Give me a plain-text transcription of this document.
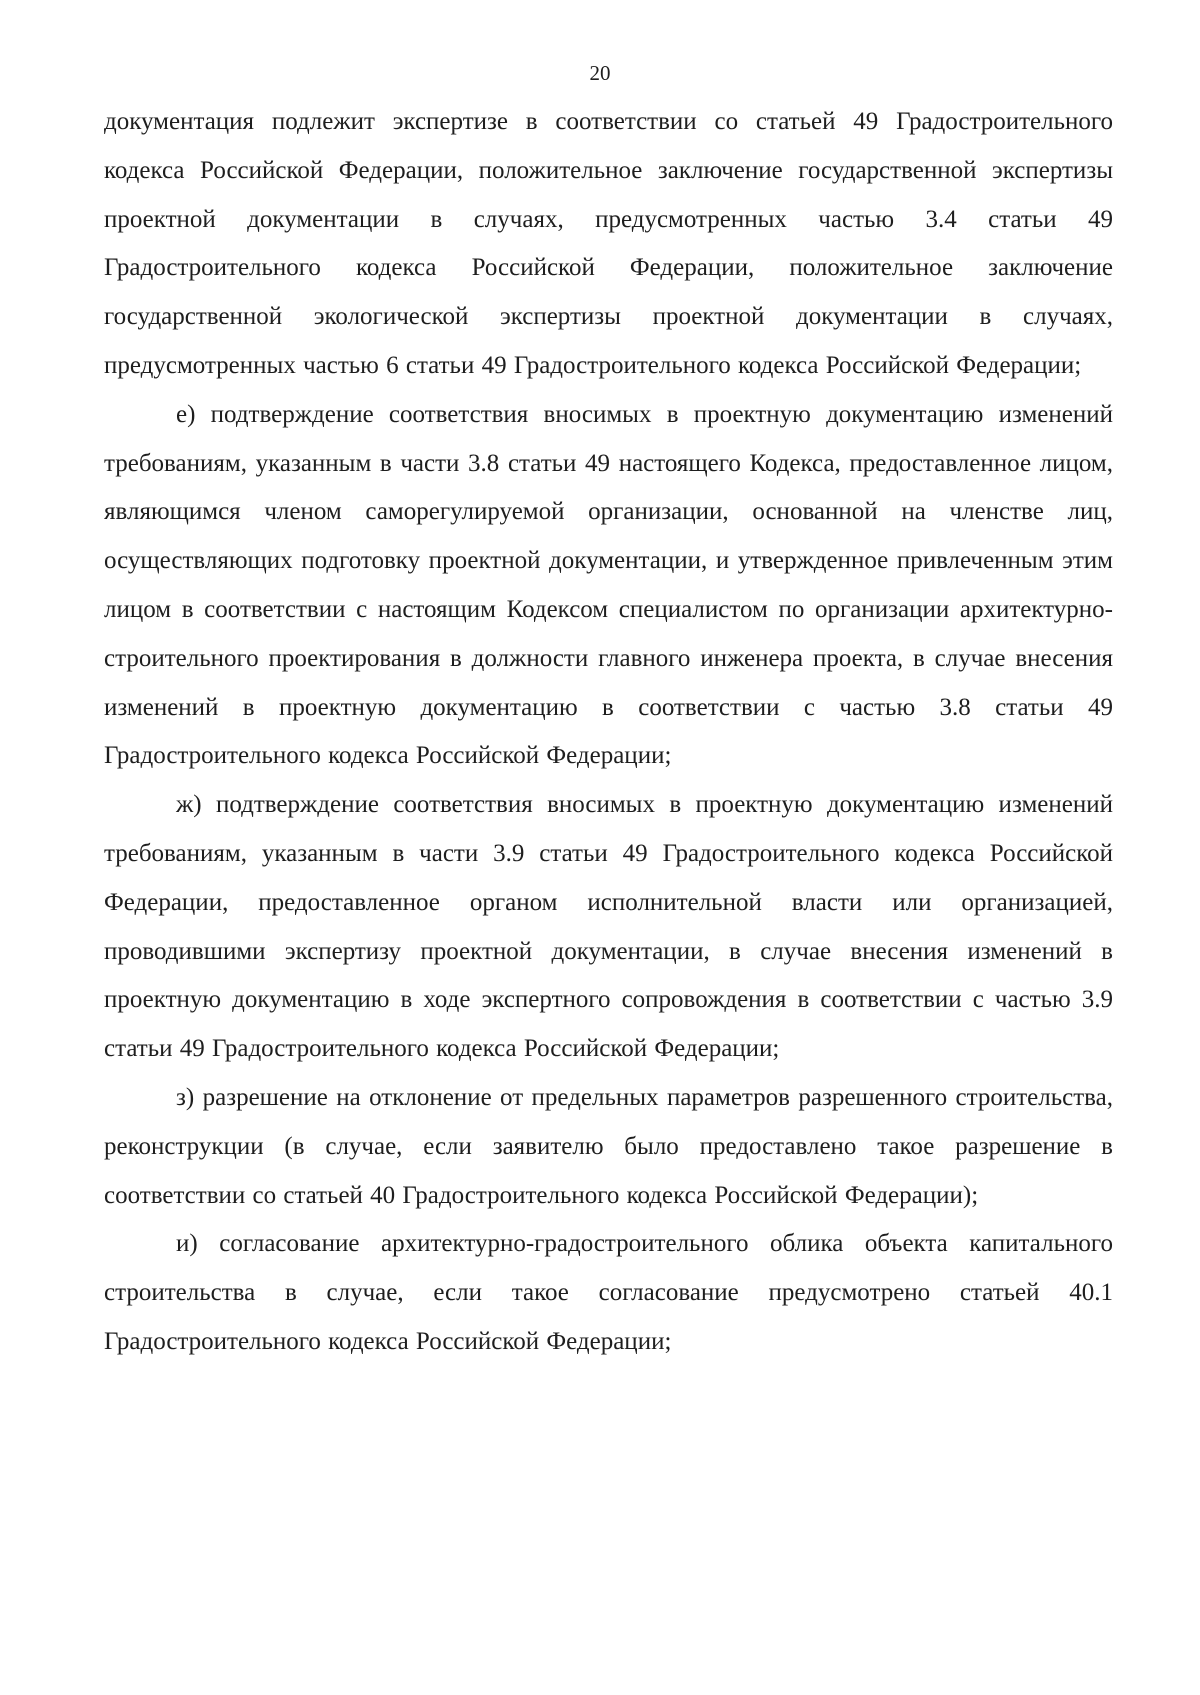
20

документация подлежит экспертизе в соответствии со статьей 49 Градостроительного кодекса Российской Федерации, положительное заключение государственной экспертизы проектной документации в случаях, предусмотренных частью 3.4 статьи 49 Градостроительного кодекса Российской Федерации, положительное заключение государственной экологической экспертизы проектной документации в случаях, предусмотренных частью 6 статьи 49 Градостроительного кодекса Российской Федерации;

е) подтверждение соответствия вносимых в проектную документацию изменений требованиям, указанным в части 3.8 статьи 49 настоящего Кодекса, предоставленное лицом, являющимся членом саморегулируемой организации, основанной на членстве лиц, осуществляющих подготовку проектной документации, и утвержденное привлеченным этим лицом в соответствии с настоящим Кодексом специалистом по организации архитектурно-строительного проектирования в должности главного инженера проекта, в случае внесения изменений в проектную документацию в соответствии с частью 3.8 статьи 49 Градостроительного кодекса Российской Федерации;

ж) подтверждение соответствия вносимых в проектную документацию изменений требованиям, указанным в части 3.9 статьи 49 Градостроительного кодекса Российской Федерации, предоставленное органом исполнительной власти или организацией, проводившими экспертизу проектной документации, в случае внесения изменений в проектную документацию в ходе экспертного сопровождения в соответствии с частью 3.9 статьи 49 Градостроительного кодекса Российской Федерации;

з) разрешение на отклонение от предельных параметров разрешенного строительства, реконструкции (в случае, если заявителю было предоставлено такое разрешение в соответствии со статьей 40 Градостроительного кодекса Российской Федерации);

и) согласование архитектурно-градостроительного облика объекта капитального строительства в случае, если такое согласование предусмотрено статьей 40.1 Градостроительного кодекса Российской Федерации;
